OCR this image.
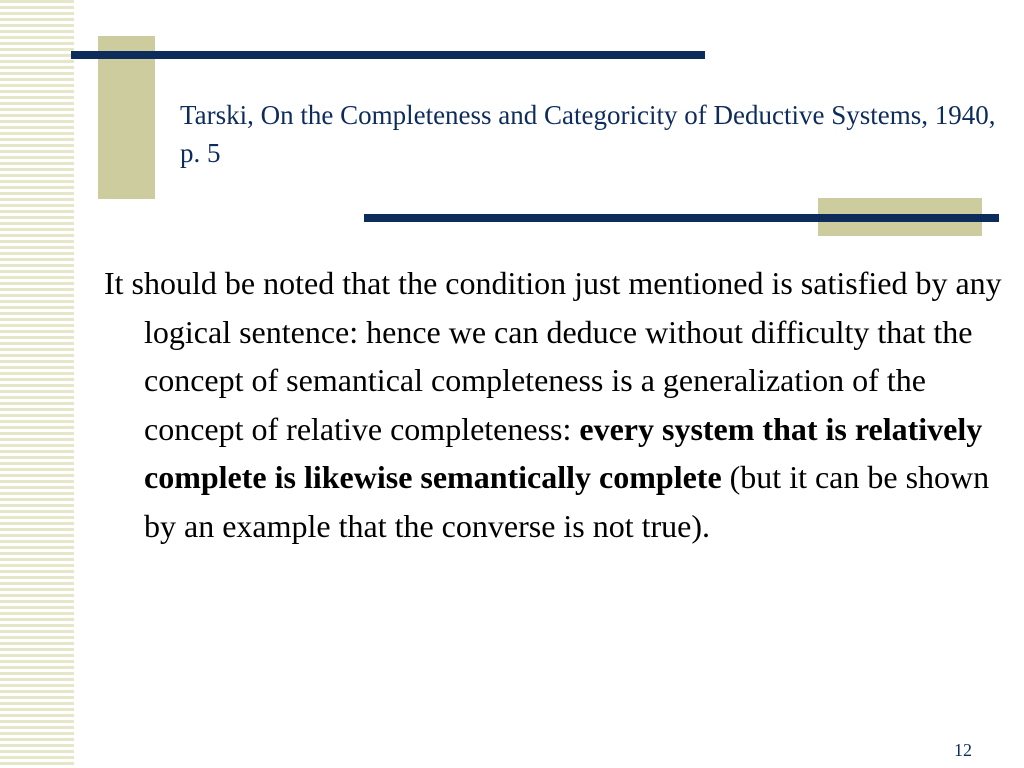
Tarski, On the Completeness and Categoricity of Deductive Systems, 1940, p. 5

It should be noted that the condition just mentioned is satisfied by any logical sentence: hence we can deduce without difficulty that the concept of semantical completeness is a generalization of the concept of relative completeness: every system that is relatively complete is likewise semantically complete (but it can be shown by an example that the converse is not true).

12
